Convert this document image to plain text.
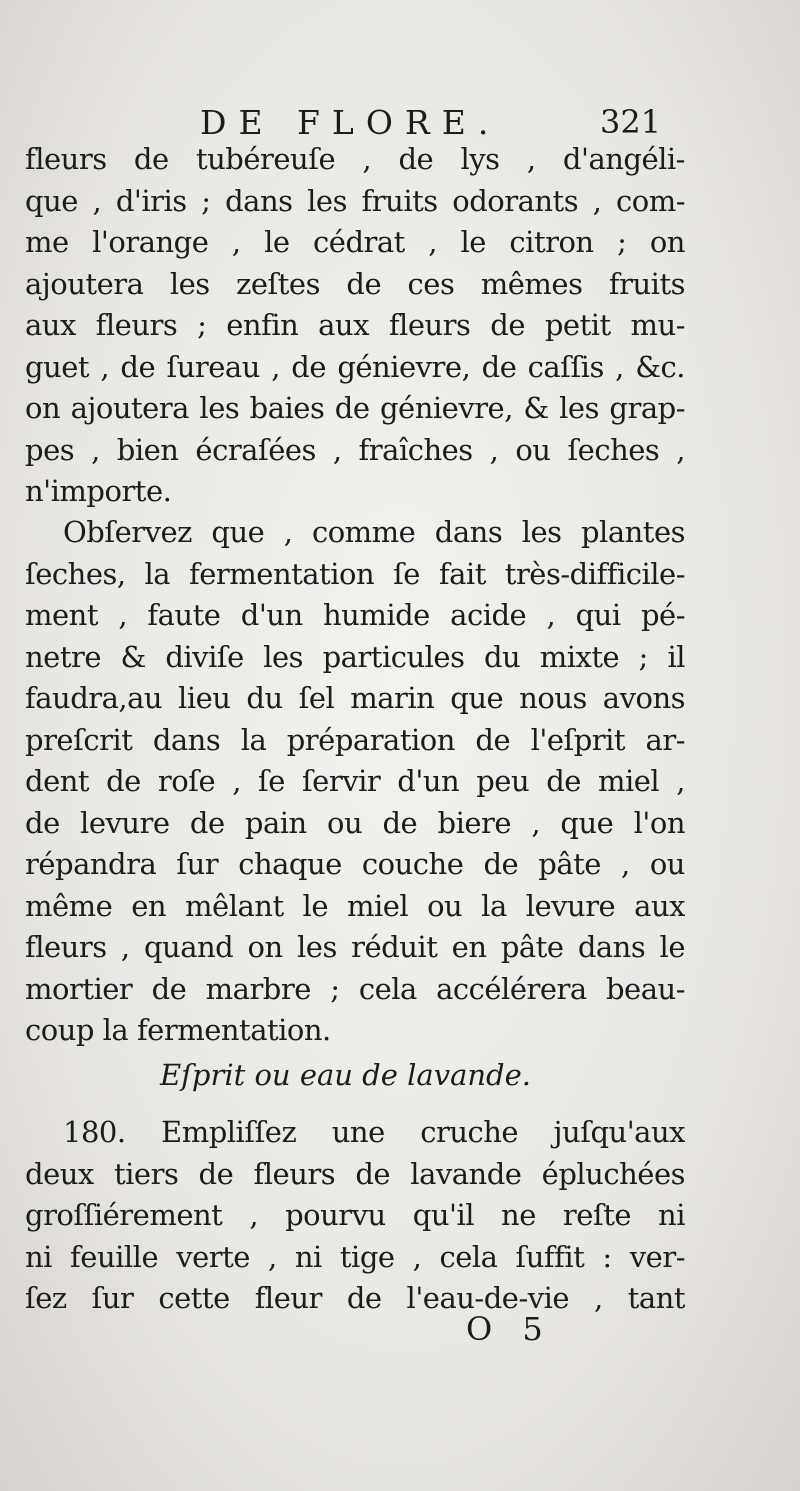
DE FLORE.	321
fleurs de tubéreuſe , de lys , d'angéli-
que , d'iris ; dans les fruits odorants , com-
me l'orange , le cédrat , le citron ; on
ajoutera les zeſtes de ces mêmes fruits
aux fleurs ; enfin aux fleurs de petit mu-
guet , de ſureau , de génievre, de caſſis , &c.
on ajoutera les baies de génievre, & les grap-
pes , bien écraſées , fraîches , ou ſeches ,
n'importe.
Obſervez que , comme dans les plantes
ſeches, la fermentation ſe fait très-difficile-
ment , faute d'un humide acide , qui pé-
netre & diviſe les particules du mixte ; il
faudra,au lieu du ſel marin que nous avons
preſcrit dans la préparation de l'eſprit ar-
dent de roſe , ſe ſervir d'un peu de miel ,
de levure de pain ou de biere , que l'on
répandra ſur chaque couche de pâte , ou
même en mêlant le miel ou la levure aux
fleurs , quand on les réduit en pâte dans le
mortier de marbre ; cela accélérera beau-
coup la fermentation.
Eſprit ou eau de lavande.
180. Empliſſez une cruche juſqu'aux
deux tiers de fleurs de lavande épluchées
groſſiérement , pourvu qu'il ne reſte ni
ni feuille verte , ni tige , cela ſuffit : ver-
ſez ſur cette fleur de l'eau-de-vie , tant
O 5
